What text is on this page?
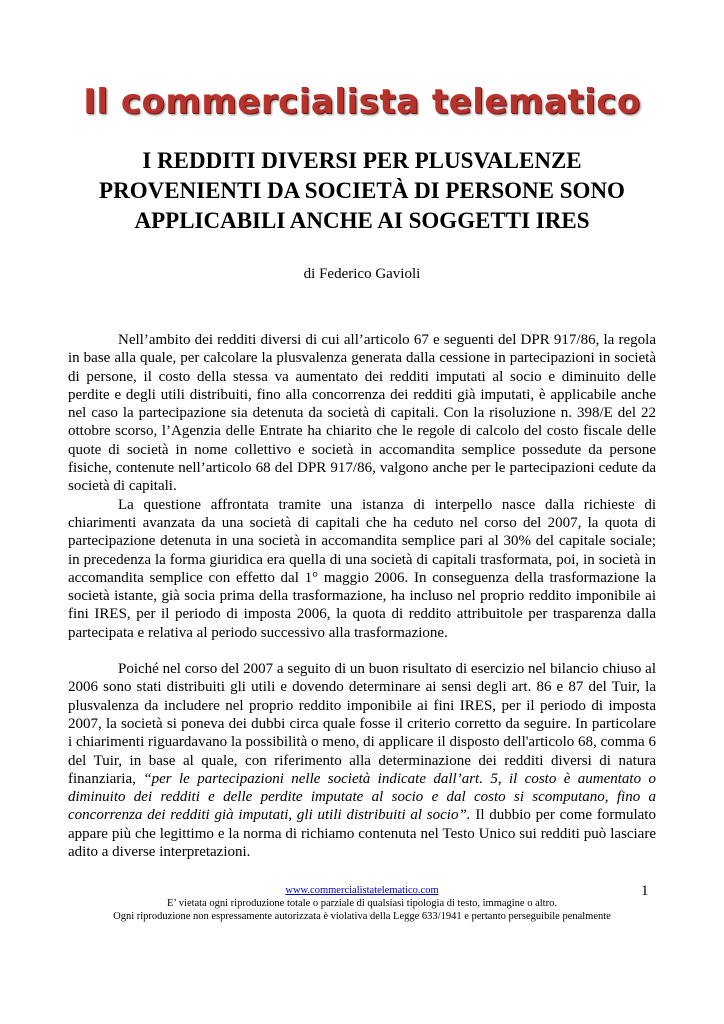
Il commercialista telematico
I REDDITI DIVERSI PER PLUSVALENZE
PROVENIENTI DA SOCIETÀ DI PERSONE SONO
APPLICABILI ANCHE AI SOGGETTI IRES
di Federico Gavioli

Nell’ambito dei redditi diversi di cui all’articolo 67 e seguenti del DPR 917/86, la regola in base alla quale, per calcolare la plusvalenza generata dalla cessione in partecipazioni in società di persone, il costo della stessa va aumentato dei redditi imputati al socio e diminuito delle perdite e degli utili distribuiti, fino alla concorrenza dei redditi già imputati, è applicabile anche nel caso la partecipazione sia detenuta da società di capitali. Con la risoluzione n. 398/E del 22 ottobre scorso, l’Agenzia delle Entrate ha chiarito che le regole di calcolo del costo fiscale delle quote di società in nome collettivo e società in accomandita semplice possedute da persone fisiche, contenute nell’articolo 68 del DPR 917/86, valgono anche per le partecipazioni cedute da società di capitali.

La questione affrontata tramite una istanza di interpello nasce dalla richieste di chiarimenti avanzata da una società di capitali che ha ceduto nel corso del 2007, la quota di partecipazione detenuta in una società in accomandita semplice pari al 30% del capitale sociale; in precedenza la forma giuridica era quella di una società di capitali trasformata, poi, in società in accomandita semplice con effetto dal 1° maggio 2006. In conseguenza della trasformazione la società istante, già socia prima della trasformazione, ha incluso nel proprio reddito imponibile ai fini IRES, per il periodo di imposta 2006, la quota di reddito attribuitole per trasparenza dalla partecipata e relativa al periodo successivo alla trasformazione.

Poiché nel corso del 2007 a seguito di un buon risultato di esercizio nel bilancio chiuso al 2006 sono stati distribuiti gli utili e dovendo determinare ai sensi degli art. 86 e 87 del Tuir, la plusvalenza da includere nel proprio reddito imponibile ai fini IRES, per il periodo di imposta 2007, la società si poneva dei dubbi circa quale fosse il criterio corretto da seguire. In particolare i chiarimenti riguardavano la possibilità o meno, di applicare il disposto dell'articolo 68, comma 6 del Tuir, in base al quale, con riferimento alla determinazione dei redditi diversi di natura finanziaria, “per le partecipazioni nelle società indicate dall’art. 5, il costo è aumentato o diminuito dei redditi e delle perdite imputate al socio e dal costo si scomputano, fino a concorrenza dei redditi già imputati, gli utili distribuiti al socio”. Il dubbio per come formulato appare più che legittimo e la norma di richiamo contenuta nel Testo Unico sui redditi può lasciare adito a diverse interpretazioni.

www.commercialistatelematico.com
E’ vietata ogni riproduzione totale o parziale di qualsiasi tipologia di testo, immagine o altro.
Ogni riproduzione non espressamente autorizzata è violativa della Legge 633/1941 e pertanto perseguibile penalmente
1
